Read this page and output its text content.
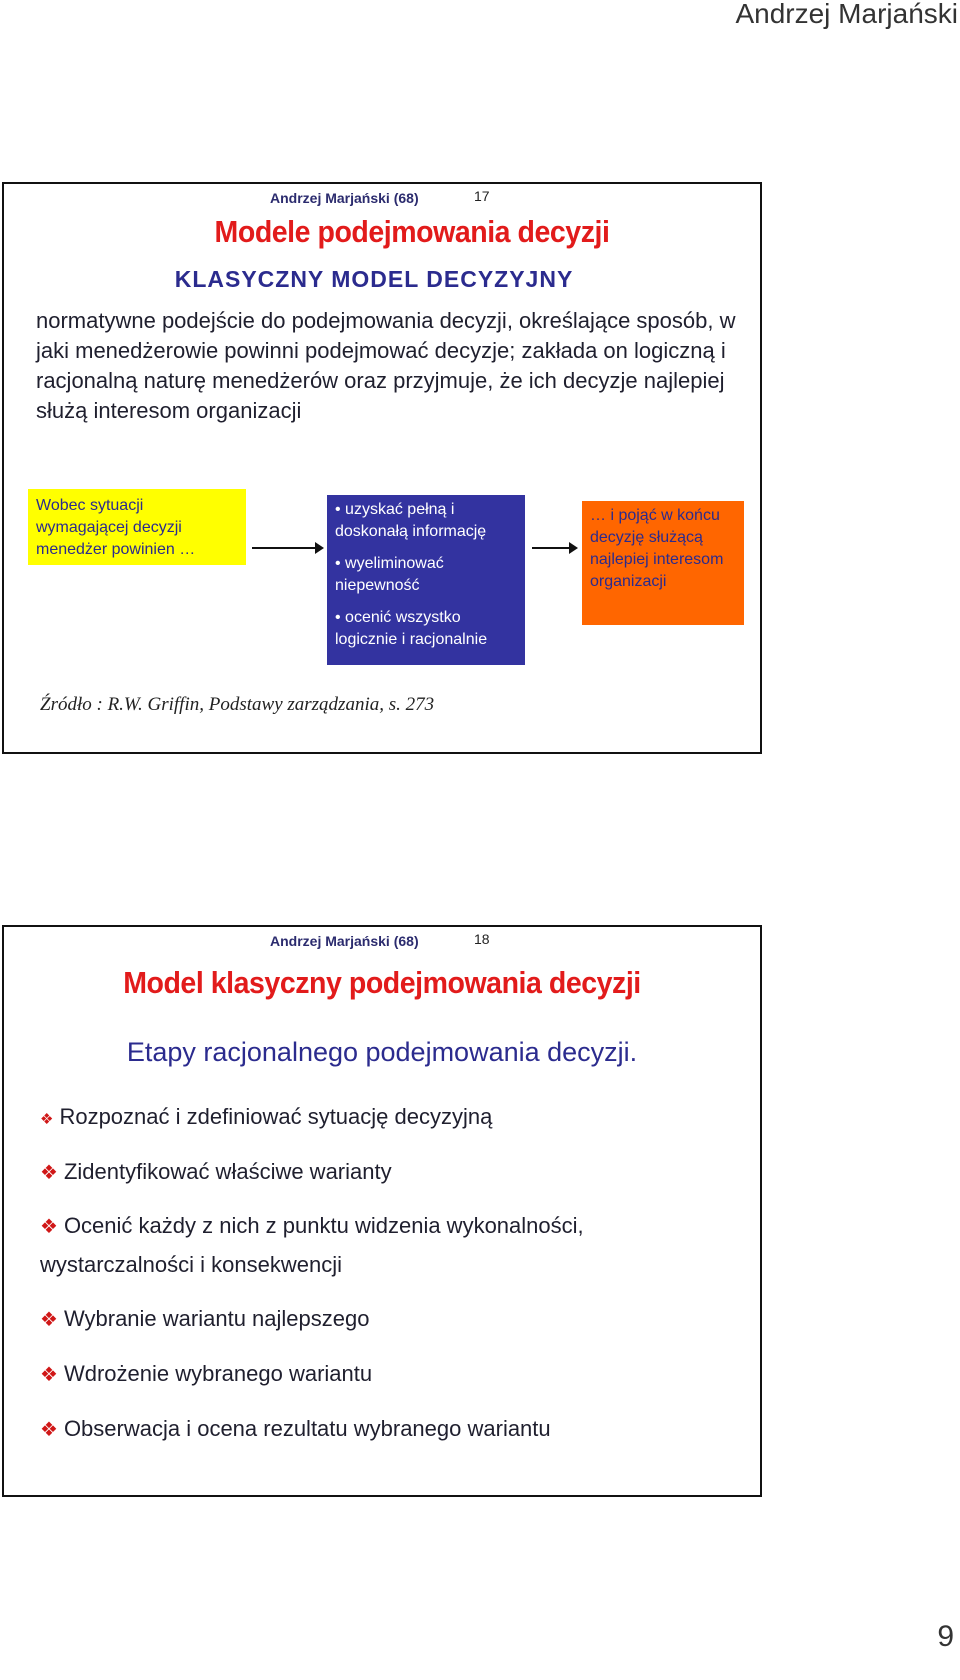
Andrzej Marjański
Andrzej Marjański (68)	17
Modele podejmowania decyzji
KLASYCZNY MODEL DECYZYJNY
normatywne podejście do podejmowania decyzji, określające sposób, w jaki menedżerowie powinni podejmować decyzje; zakłada on logiczną i racjonalną naturę menedżerów oraz przyjmuje, że ich decyzje najlepiej służą interesom organizacji
Wobec sytuacji wymagającej decyzji menedżer powinien …
• uzyskać pełną i doskonałą informację
• wyeliminować niepewność
• ocenić wszystko logicznie i racjonalnie
… i pojąć w końcu decyzję służącą najlepiej interesom organizacji
Źródło : R.W. Griffin, Podstawy zarządzania, s. 273
Andrzej Marjański (68)	18
Model klasyczny podejmowania decyzji
Etapy racjonalnego podejmowania decyzji.
❖ Rozpoznać i zdefiniować sytuację decyzyjną
❖ Zidentyfikować właściwe warianty
❖ Ocenić każdy z nich z punktu widzenia wykonalności,
wystarczalności i konsekwencji
❖ Wybranie wariantu najlepszego
❖ Wdrożenie wybranego wariantu
❖ Obserwacja i ocena rezultatu wybranego wariantu
9
